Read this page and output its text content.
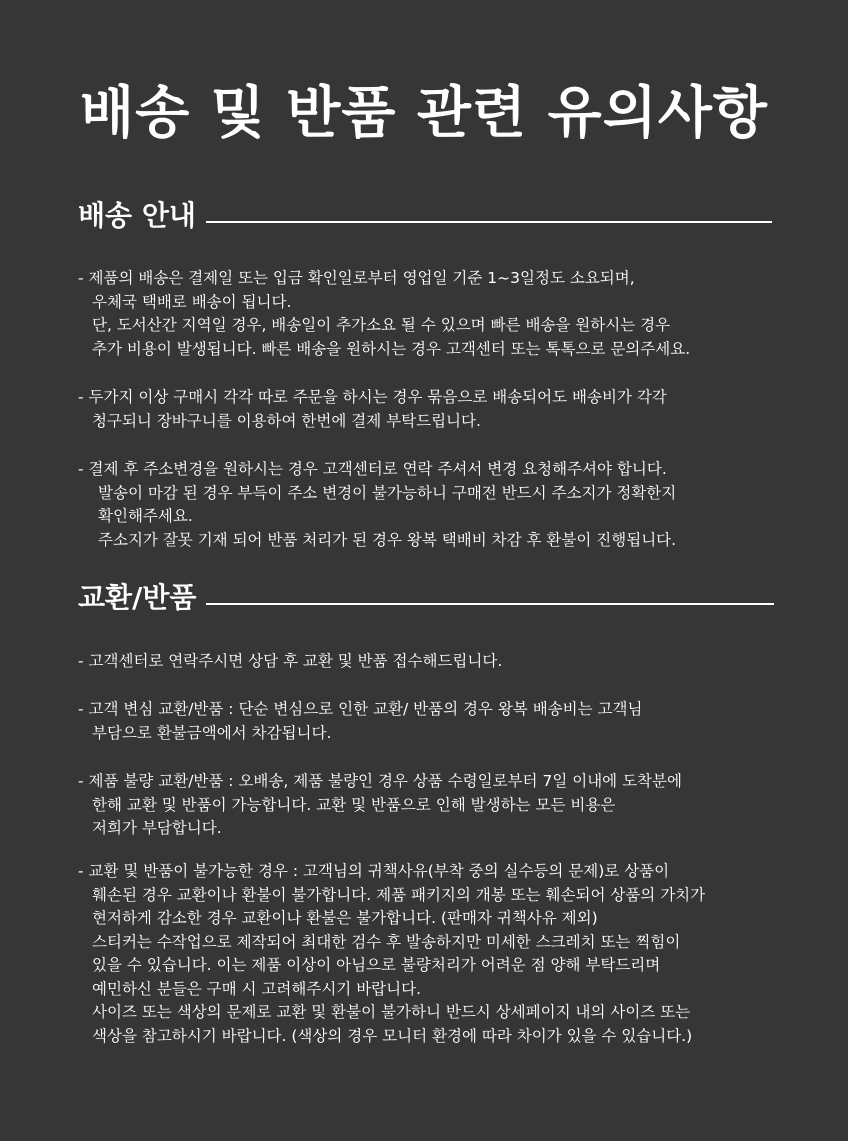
배송 및 반품 관련 유의사항
배송 안내
- 제품의 배송은 결제일 또는 입금 확인일로부터 영업일 기준 1~3일정도 소요되며,
우체국 택배로 배송이 됩니다.
단, 도서산간 지역일 경우, 배송일이 추가소요 될 수 있으며 빠른 배송을 원하시는 경우
추가 비용이 발생됩니다. 빠른 배송을 원하시는 경우 고객센터 또는 톡톡으로 문의주세요.
- 두가지 이상 구매시 각각 따로 주문을 하시는 경우 묶음으로 배송되어도 배송비가 각각
청구되니 장바구니를 이용하여 한번에 결제 부탁드립니다.
- 결제 후 주소변경을 원하시는 경우 고객센터로 연락 주셔서 변경 요청해주셔야 합니다.
발송이 마감 된 경우 부득이 주소 변경이 불가능하니 구매전 반드시 주소지가 정확한지
확인해주세요.
주소지가 잘못 기재 되어 반품 처리가 된 경우 왕복 택배비 차감 후 환불이 진행됩니다.
교환/반품
- 고객센터로 연락주시면 상담 후 교환 및 반품 접수해드립니다.
- 고객 변심 교환/반품 : 단순 변심으로 인한 교환/ 반품의 경우 왕복 배송비는 고객님
부담으로 환불금액에서 차감됩니다.
- 제품 불량 교환/반품 : 오배송, 제품 불량인 경우 상품 수령일로부터 7일 이내에 도착분에
한해 교환 및 반품이 가능합니다. 교환 및 반품으로 인해 발생하는 모든 비용은
저희가 부담합니다.
- 교환 및 반품이 불가능한 경우 : 고객님의 귀책사유(부착 중의 실수등의 문제)로 상품이
훼손된 경우 교환이나 환불이 불가합니다. 제품 패키지의 개봉 또는 훼손되어 상품의 가치가
현저하게 감소한 경우 교환이나 환불은 불가합니다. (판매자 귀책사유 제외)
스티커는 수작업으로 제작되어 최대한 검수 후 발송하지만 미세한 스크레치 또는 찍힘이
있을 수 있습니다. 이는 제품 이상이 아님으로 불량처리가 어려운 점 양해 부탁드리며
예민하신 분들은 구매 시 고려해주시기 바랍니다.
사이즈 또는 색상의 문제로 교환 및 환불이 불가하니 반드시 상세페이지 내의 사이즈 또는
색상을 참고하시기 바랍니다. (색상의 경우 모니터 환경에 따라 차이가 있을 수 있습니다.)
